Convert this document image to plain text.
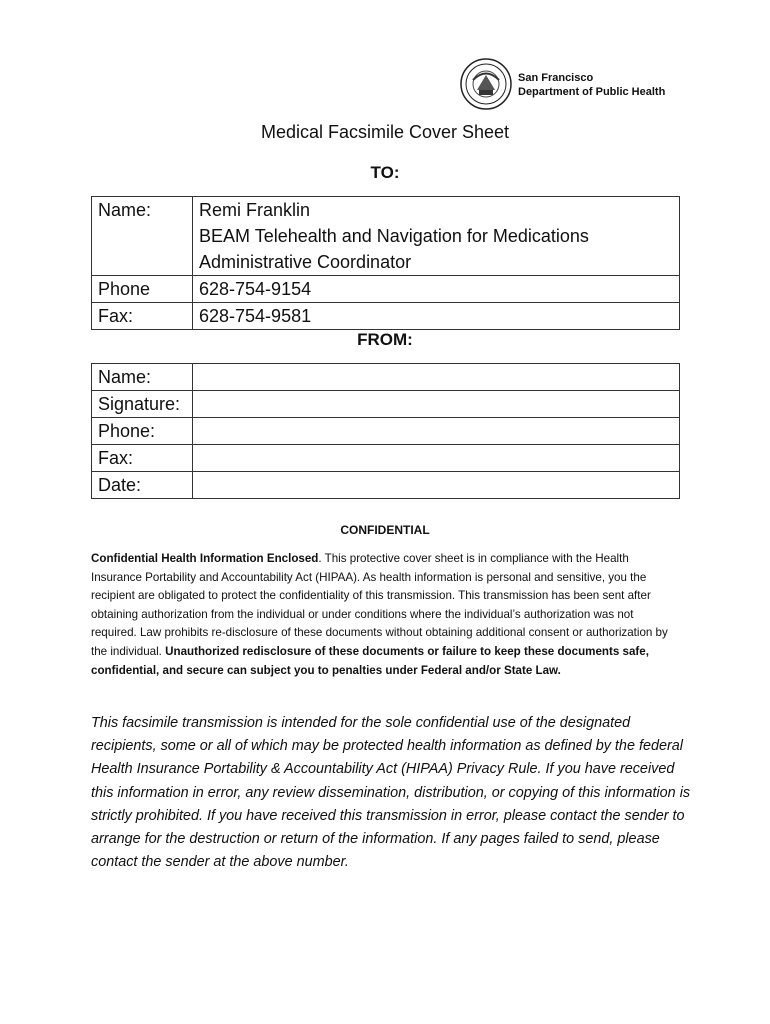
San Francisco
Department of Public Health
Medical Facsimile Cover Sheet
TO:
Name:	Remi Franklin
BEAM Telehealth and Navigation for Medications
Administrative Coordinator

Phone	628-754-9154
Fax:	628-754-9581
FROM:
Name:	
Signature:	
Phone:	
Fax:	
Date:	
CONFIDENTIAL
Confidential Health Information Enclosed. This protective cover sheet is in compliance with the Health Insurance Portability and Accountability Act (HIPAA). As health information is personal and sensitive, you the recipient are obligated to protect the confidentiality of this transmission. This transmission has been sent after obtaining authorization from the individual or under conditions where the individual’s authorization was not required. Law prohibits re-disclosure of these documents without obtaining additional consent or authorization by the individual. Unauthorized redisclosure of these documents or failure to keep these documents safe, confidential, and secure can subject you to penalties under Federal and/or State Law.
This facsimile transmission is intended for the sole confidential use of the designated recipients, some or all of which may be protected health information as defined by the federal Health Insurance Portability & Accountability Act (HIPAA) Privacy Rule. If you have received this information in error, any review dissemination, distribution, or copying of this information is strictly prohibited. If you have received this transmission in error, please contact the sender to arrange for the destruction or return of the information. If any pages failed to send, please contact the sender at the above number.
